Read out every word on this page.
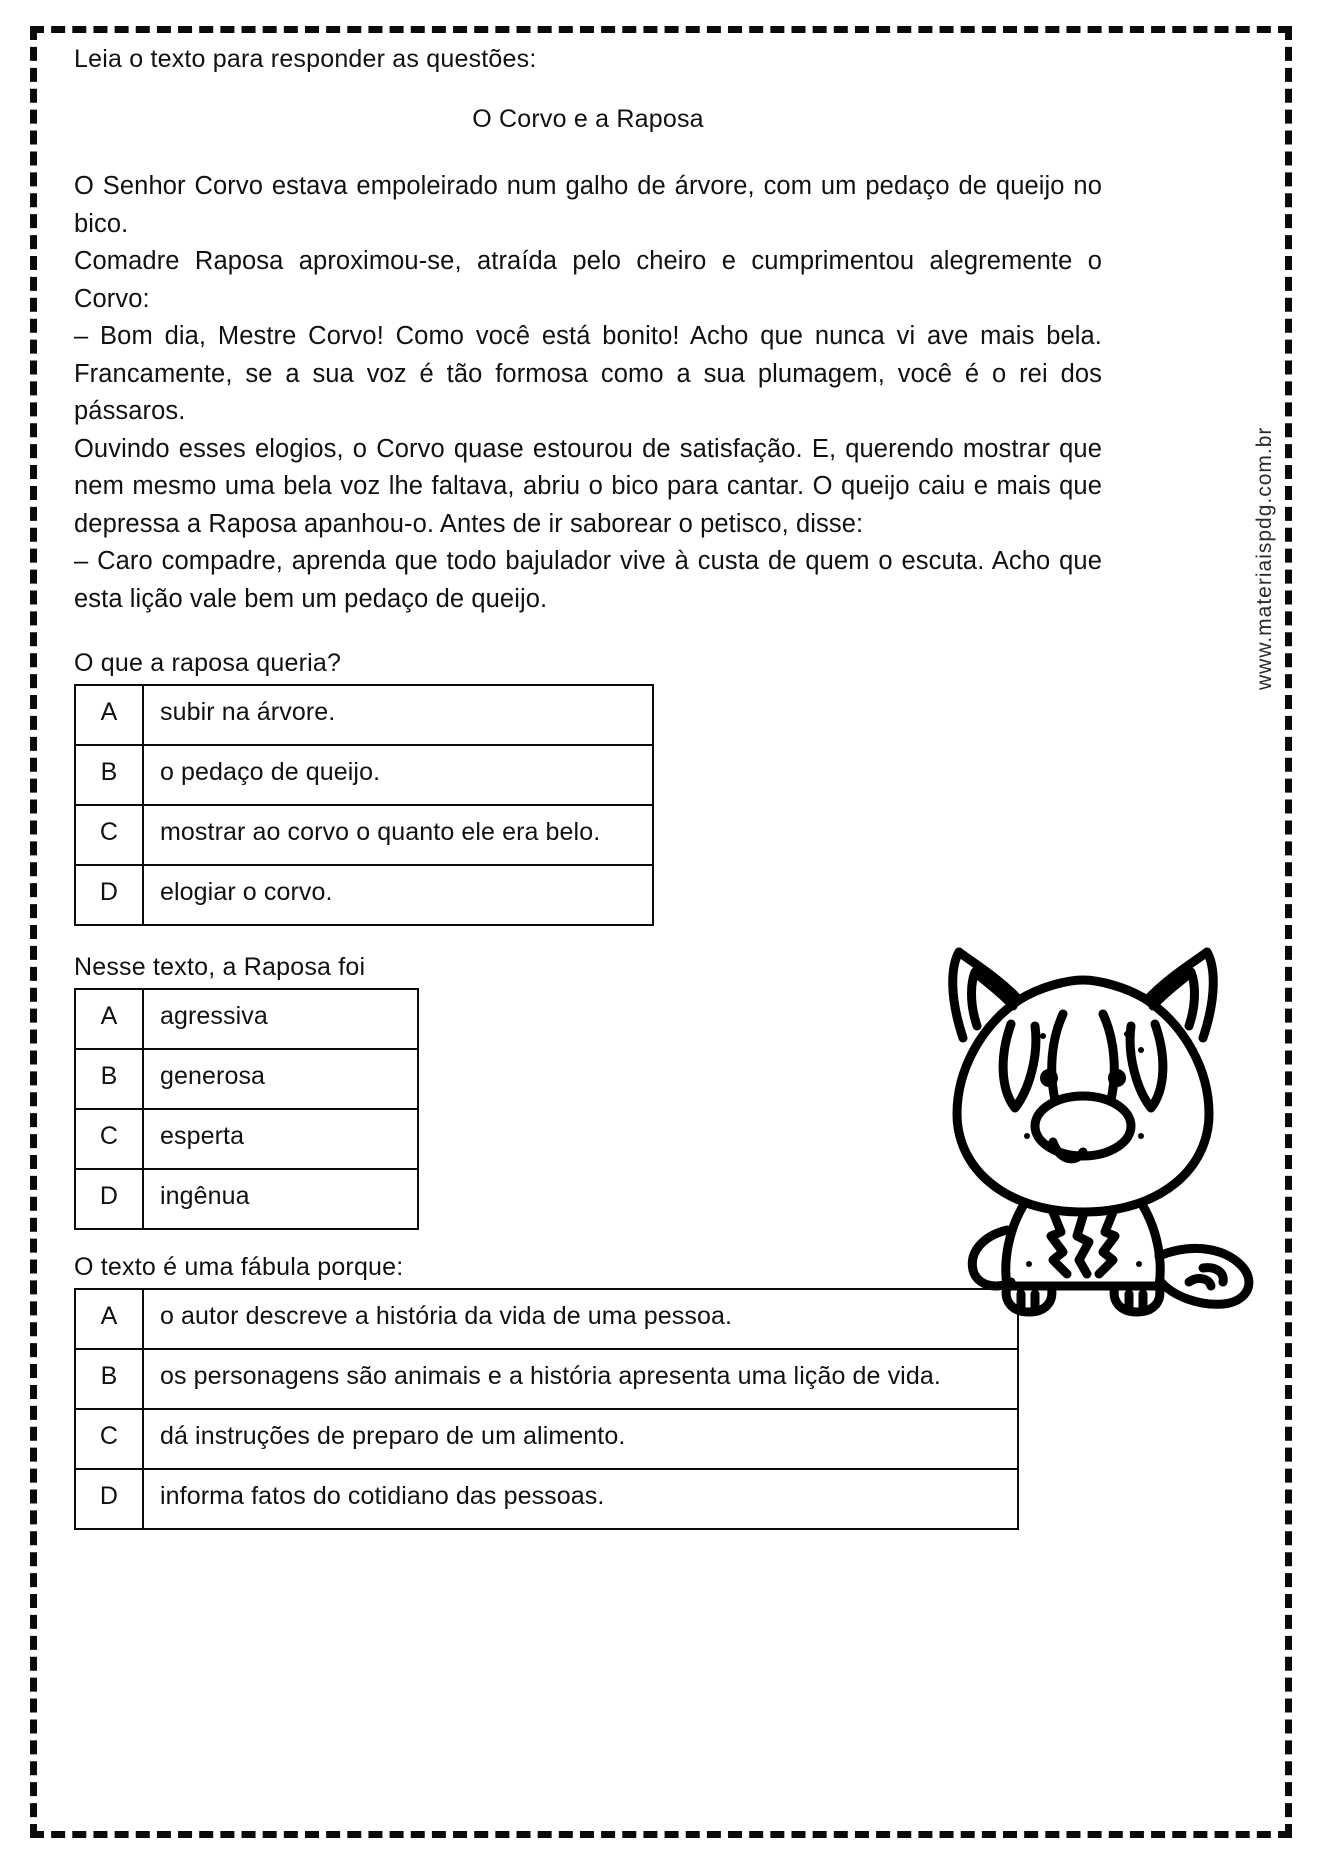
www.materiaispdg.com.br
Leia o texto para responder as questões:
O Corvo e a Raposa

O Senhor Corvo estava empoleirado num galho de árvore, com um pedaço de queijo no bico.

Comadre Raposa aproximou-se, atraída pelo cheiro e cumprimentou alegremente o Corvo:

– Bom dia, Mestre Corvo! Como você está bonito! Acho que nunca vi ave mais bela. Francamente, se a sua voz é tão formosa como a sua plumagem, você é o rei dos pássaros.

Ouvindo esses elogios, o Corvo quase estourou de satisfação. E, querendo mostrar que nem mesmo uma bela voz lhe faltava, abriu o bico para cantar. O queijo caiu e mais que depressa a Raposa apanhou-o. Antes de ir saborear o petisco, disse:

– Caro compadre, aprenda que todo bajulador vive à custa de quem o escuta. Acho que esta lição vale bem um pedaço de queijo.

O que a raposa queria?
A	subir na árvore.
B	o pedaço de queijo.
C	mostrar ao corvo o quanto ele era belo.
D	elogiar o corvo.
Nesse texto, a Raposa foi
A	agressiva
B	generosa
C	esperta
D	ingênua
O texto é uma fábula porque:
A	o autor descreve a história da vida de uma pessoa.
B	os personagens são animais e a história apresenta uma lição de vida.
C	dá instruções de preparo de um alimento.
D	informa fatos do cotidiano das pessoas.
